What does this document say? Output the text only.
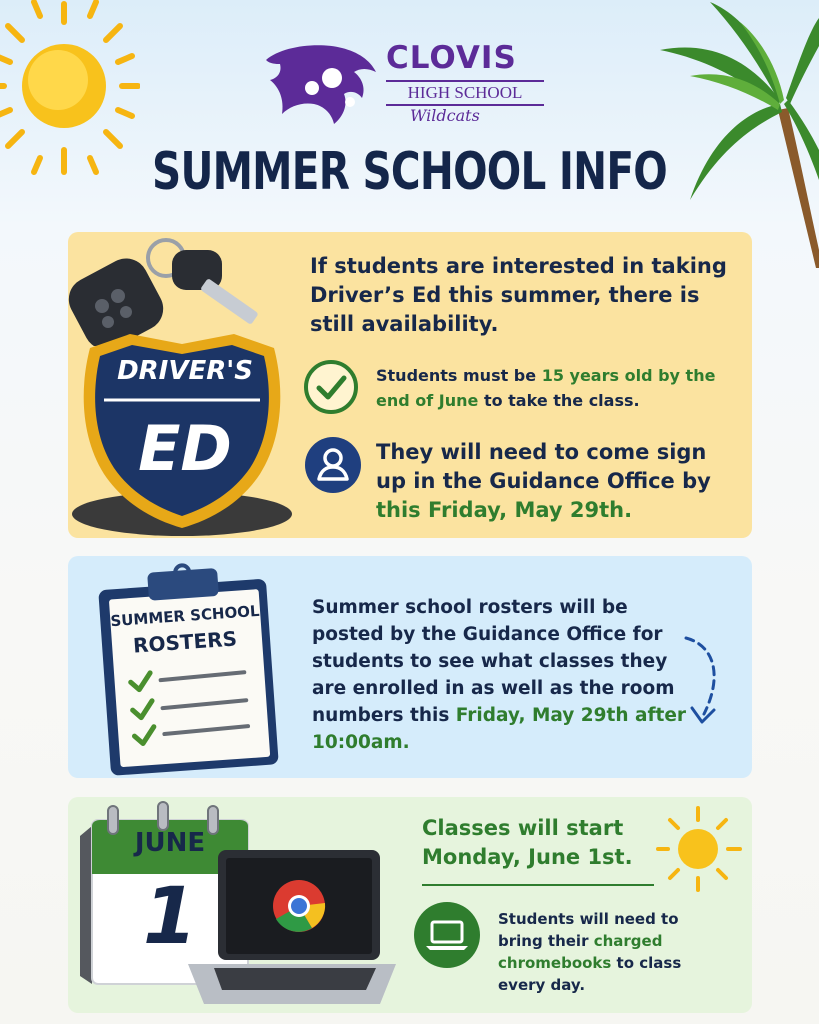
CLOVIS
HIGH SCHOOL
Wildcats
SUMMER SCHOOL INFO
DRIVER'S
ED
If students are interested in taking Driver’s Ed this summer, there is still availability.
Students must be 15 years old by the end of June to take the class.
They will need to come sign up in the Guidance Office by this Friday, May 29th.
SUMMER SCHOOL
ROSTERS
Summer school rosters will be posted by the Guidance Office for students to see what classes they are enrolled in as well as the room numbers this Friday, May 29th after 10:00am.
JUNE
1
Classes will start Monday, June 1st.
Students will need to bring their charged chromebooks to class every day.
